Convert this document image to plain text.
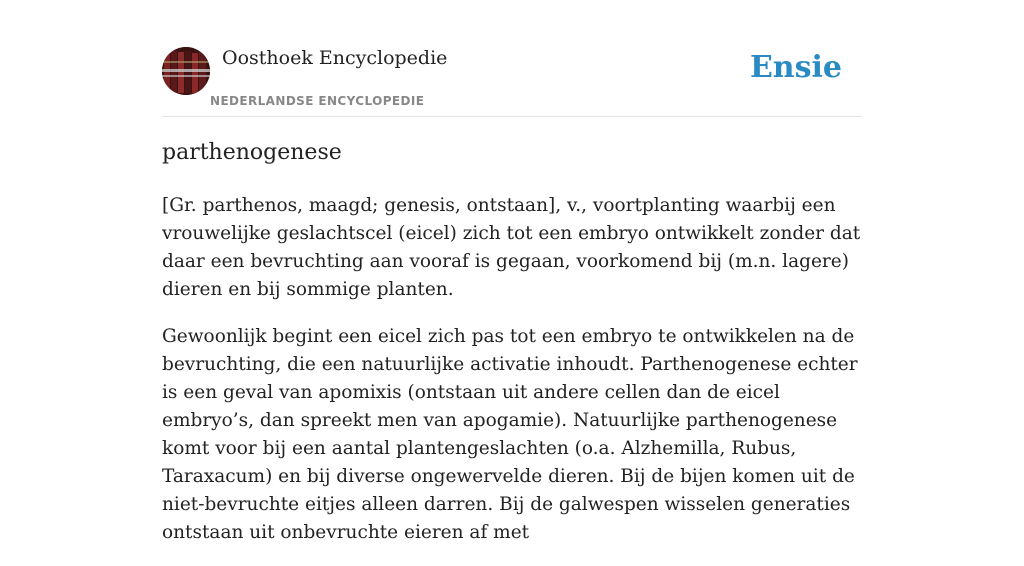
Oosthoek Encyclopedie
NEDERLANDSE ENCYCLOPEDIE
Ensie
parthenogenese

[Gr. parthenos, maagd; genesis, ontstaan], v., voortplanting waarbij een vrouwelijke geslachtscel (eicel) zich tot een embryo ontwikkelt zonder dat daar een bevruchting aan vooraf is gegaan, voorkomend bij (m.n. lagere) dieren en bij sommige planten.

Gewoonlijk begint een eicel zich pas tot een embryo te ontwikkelen na de bevruchting, die een natuurlijke activatie inhoudt. Parthenogenese echter is een geval van apomixis (ontstaan uit andere cellen dan de eicel embryo’s, dan spreekt men van apogamie). Natuurlijke parthenogenese komt voor bij een aantal plantengeslachten (o.a. Alzhemilla, Rubus, Taraxacum) en bij diverse ongewervelde dieren. Bij de bijen komen uit de niet-bevruchte eitjes alleen darren. Bij de galwespen wisselen generaties ontstaan uit onbevruchte eieren af met
